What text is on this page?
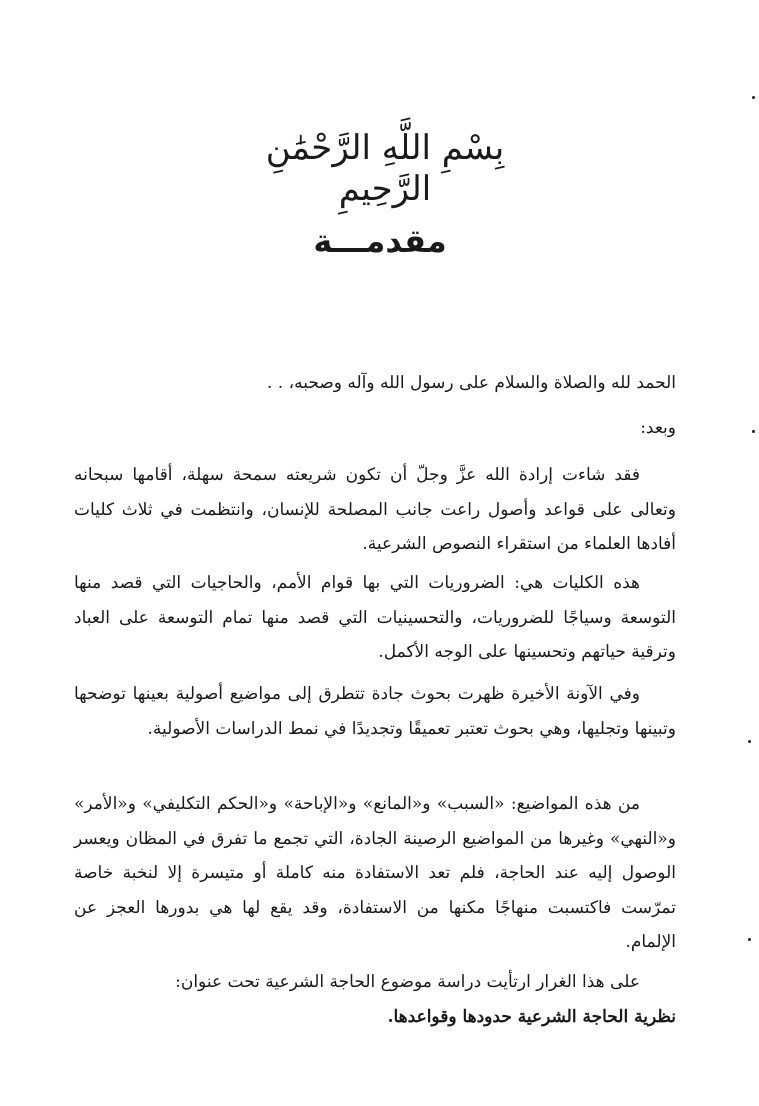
بِسْمِ اللَّهِ الرَّحْمَٰنِ الرَّحِيمِ
مقدمـــة
الحمد لله والصلاة والسلام على رسول الله وآله وصحبه، . .
وبعد:
فقد شاءت إرادة الله عزَّ وجلّ أن تكون شريعته سمحة سهلة، أقامها سبحانه وتعالى على قواعد وأصول راعت جانب المصلحة للإنسان، وانتظمت في ثلاث كليات أفادها العلماء من استقراء النصوص الشرعية.
هذه الكليات هي: الضروريات التي بها قوام الأمم، والحاجيات التي قصد منها التوسعة وسياجًا للضروريات، والتحسينيات التي قصد منها تمام التوسعة على العباد وترقية حياتهم وتحسينها على الوجه الأكمل.
وفي الآونة الأخيرة ظهرت بحوث جادة تتطرق إلى مواضيع أصولية بعينها توضحها وتبينها وتجليها، وهي بحوث تعتبر تعميقًا وتجديدًا في نمط الدراسات الأصولية.
من هذه المواضيع: «السبب» و«المانع» و«الإباحة» و«الحكم التكليفي» و«الأمر» و«النهي» وغيرها من المواضيع الرصينة الجادة، التي تجمع ما تفرق في المظان ويعسر الوصول إليه عند الحاجة، فلم تعد الاستفادة منه كاملة أو متيسرة إلا لنخبة خاصة تمرّست فاكتسبت منهاجًا مكنها من الاستفادة، وقد يقع لها هي بدورها العجز عن الإلمام.
على هذا الغرار ارتأيت دراسة موضوع الحاجة الشرعية تحت عنوان:
نظرية الحاجة الشرعية حدودها وقواعدها.
